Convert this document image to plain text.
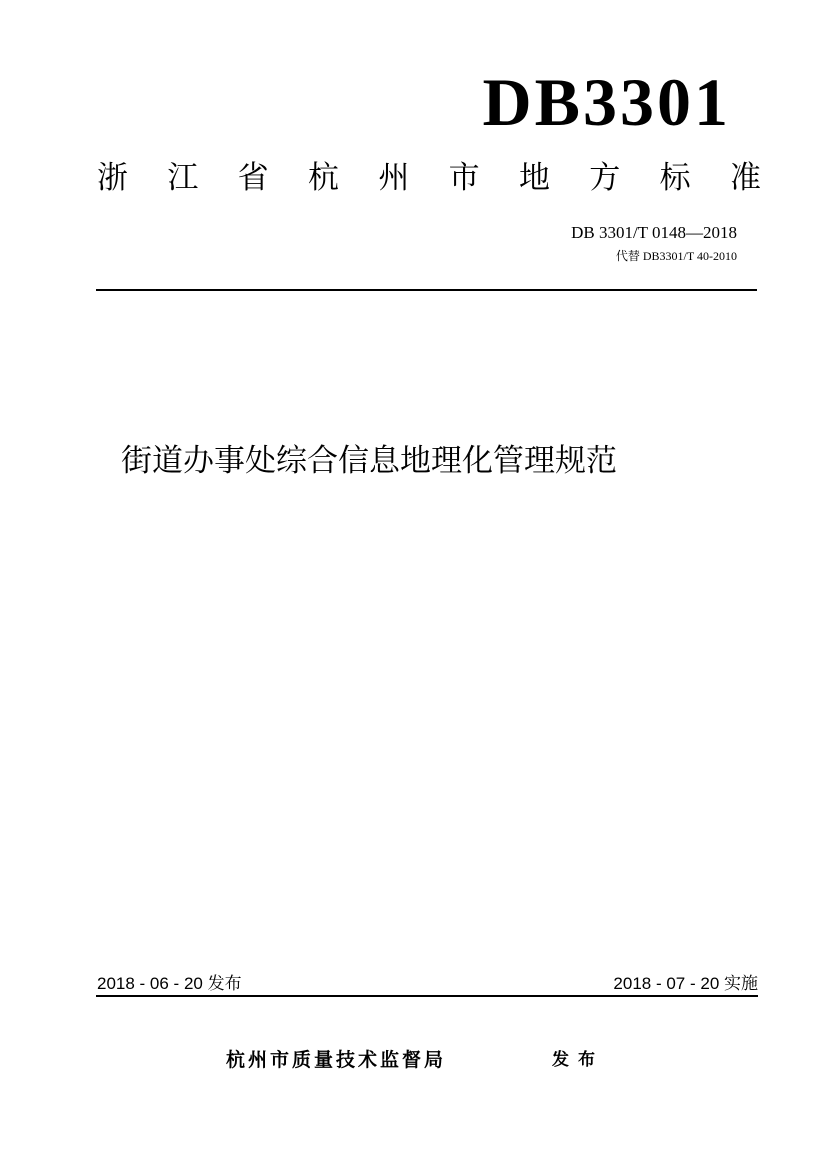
DB3301
浙 江 省 杭 州 市 地 方 标 准
DB 3301/T 0148—2018
代替 DB3301/T 40-2010
街道办事处综合信息地理化管理规范
2018 - 06 - 20 发布	2018 - 07 - 20 实施
杭州市质量技术监督局	发布
